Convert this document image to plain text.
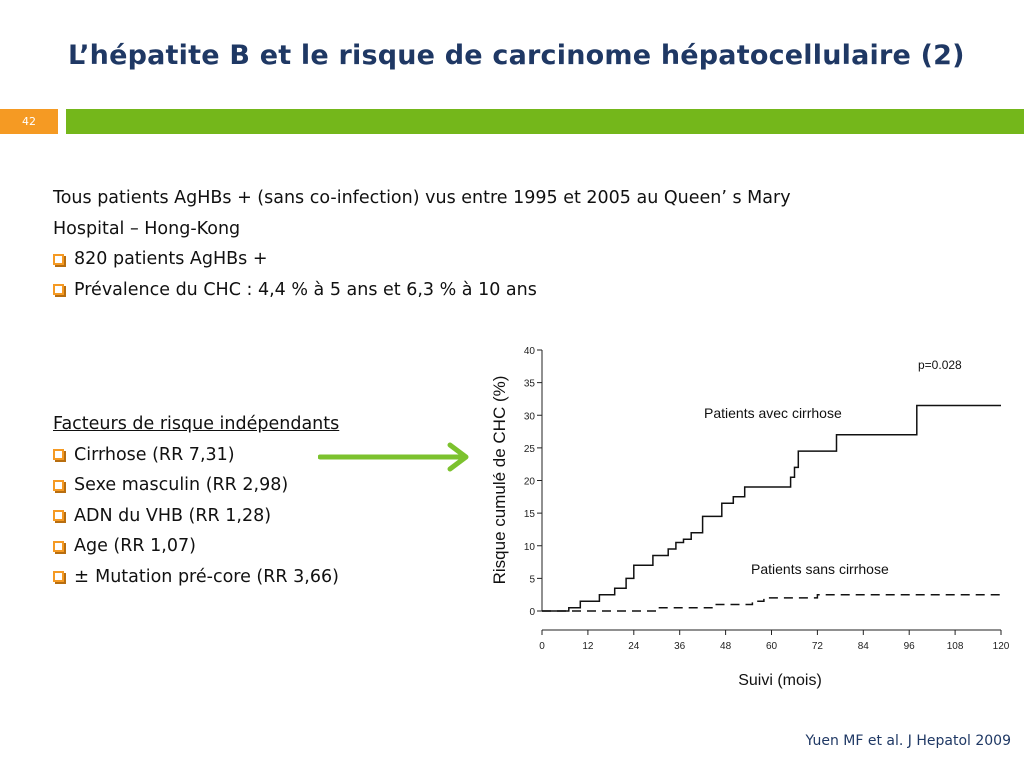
L’hépatite B et le risque de carcinome hépatocellulaire (2)
42

Tous patients AgHBs + (sans co-infection) vus entre 1995 et 2005 au Queen’ s Mary

Hospital – Hong-Kong

820 patients AgHBs +
Prévalence du CHC : 4,4 % à 5 ans et 6,3 % à 10 ans
Facteurs de risque indépendants
Cirrhose (RR 7,31)
Sexe masculin (RR 2,98)
ADN du VHB (RR 1,28)
Age (RR 1,07)
± Mutation pré-core (RR 3,66)	Risque cumulé de CHC (%)
Suivi (mois)
p=0.028
Patients avec cirrhose
Patients sans cirrhose
0
5
10
15
20
25
30
35
40
0	12	24	36	48	60	72	84	96	108	120
Yuen MF et al. J Hepatol 2009
